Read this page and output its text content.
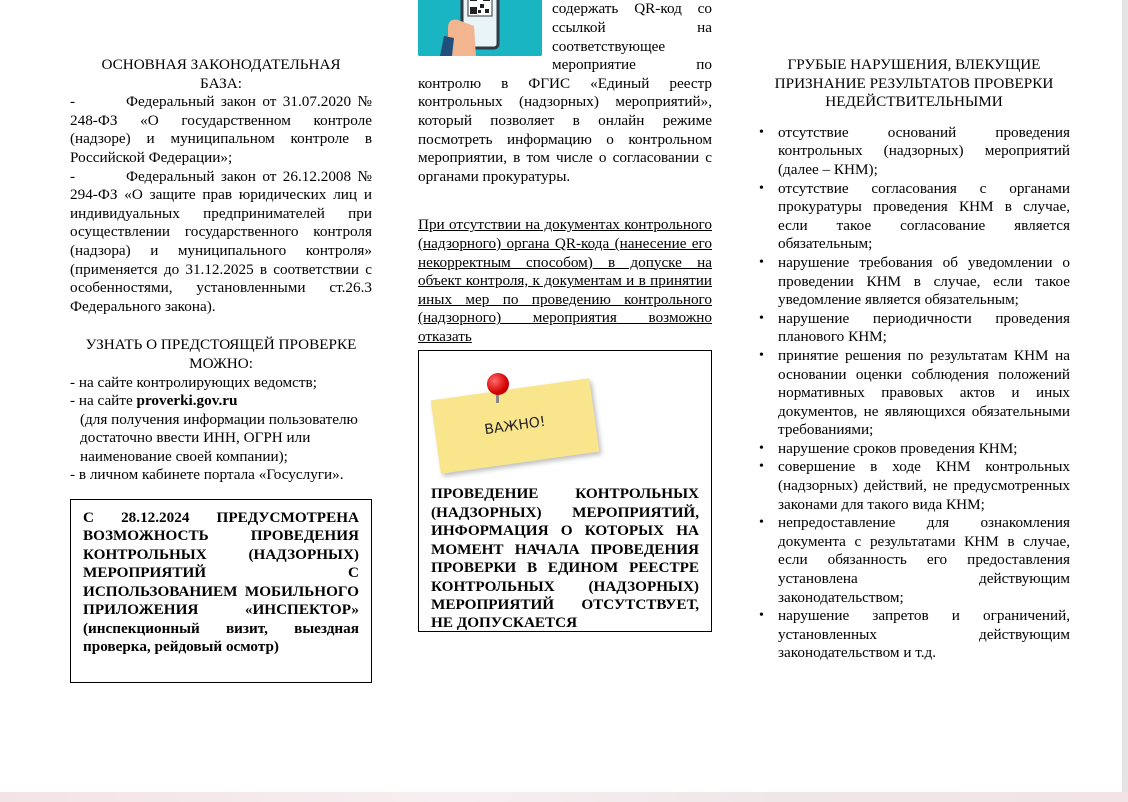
ОСНОВНАЯ ЗАКОНОДАТЕЛЬНАЯ БАЗА:

-	Федеральный закон от 31.07.2020 № 248-ФЗ «О государственном контроле (надзоре) и муниципальном контроле в Российской Федерации»;

-	Федеральный закон от 26.12.2008 № 294-ФЗ «О защите прав юридических лиц и индивидуальных предпринимателей при осуществлении государственного контроля (надзора) и муниципального контроля» (применяется до 31.12.2025 в соответствии с особенностями, установленными ст.26.3 Федерального закона).

УЗНАТЬ О ПРЕДСТОЯЩЕЙ ПРОВЕРКЕ МОЖНО:

- на сайте контролирующих ведомств;

- на сайте proverki.gov.ru

(для получения информации пользователю достаточно ввести ИНН, ОГРН или наименование своей компании);

- в личном кабинете портала «Госуслуги».

С 28.12.2024 ПРЕДУСМОТРЕНА ВОЗМОЖНОСТЬ ПРОВЕДЕНИЯ КОНТРОЛЬНЫХ (НАДЗОРНЫХ) МЕРОПРИЯТИЙ С ИСПОЛЬЗОВАНИЕМ МОБИЛЬНОГО ПРИЛОЖЕНИЯ «ИНСПЕКТОР» (инспекционный визит, выездная проверка, рейдовый осмотр)

содержать QR-код со ссылкой на соответствующее мероприятие по контролю в ФГИС «Единый реестр контрольных (надзорных) мероприятий», который позволяет в онлайн режиме посмотреть информацию о контрольном мероприятии, в том числе о согласовании с органами прокуратуры.

При отсутствии на документах контрольного (надзорного) органа QR-кода (нанесение его некорректным способом) в допуске на объект контроля, к документам и в принятии иных мер по проведению контрольного (надзорного) мероприятия возможно отказать

ВАЖНО!
ПРОВЕДЕНИЕ КОНТРОЛЬНЫХ (НАДЗОРНЫХ) МЕРОПРИЯТИЙ, ИНФОРМАЦИЯ О КОТОРЫХ НА МОМЕНТ НАЧАЛА ПРОВЕДЕНИЯ ПРОВЕРКИ В ЕДИНОМ РЕЕСТРЕ КОНТРОЛЬНЫХ (НАДЗОРНЫХ) МЕРОПРИЯТИЙ ОТСУТСТВУЕТ, НЕ ДОПУСКАЕТСЯ

ГРУБЫЕ НАРУШЕНИЯ, ВЛЕКУЩИЕ ПРИЗНАНИЕ РЕЗУЛЬТАТОВ ПРОВЕРКИ НЕДЕЙСТВИТЕЛЬНЫМИ

• отсутствие оснований проведения контрольных (надзорных) мероприятий (далее – КНМ);
• отсутствие согласования с органами прокуратуры проведения КНМ в случае, если такое согласование является обязательным;
• нарушение требования об уведомлении о проведении КНМ в случае, если такое уведомление является обязательным;
• нарушение периодичности проведения планового КНМ;
• принятие решения по результатам КНМ на основании оценки соблюдения положений нормативных правовых актов и иных документов, не являющихся обязательными требованиями;
• нарушение сроков проведения КНМ;
• совершение в ходе КНМ контрольных (надзорных) действий, не предусмотренных законами для такого вида КНМ;
• непредоставление для ознакомления документа с результатами КНМ в случае, если обязанность его предоставления установлена действующим законодательством;
• нарушение запретов и ограничений, установленных действующим законодательством и т.д.
